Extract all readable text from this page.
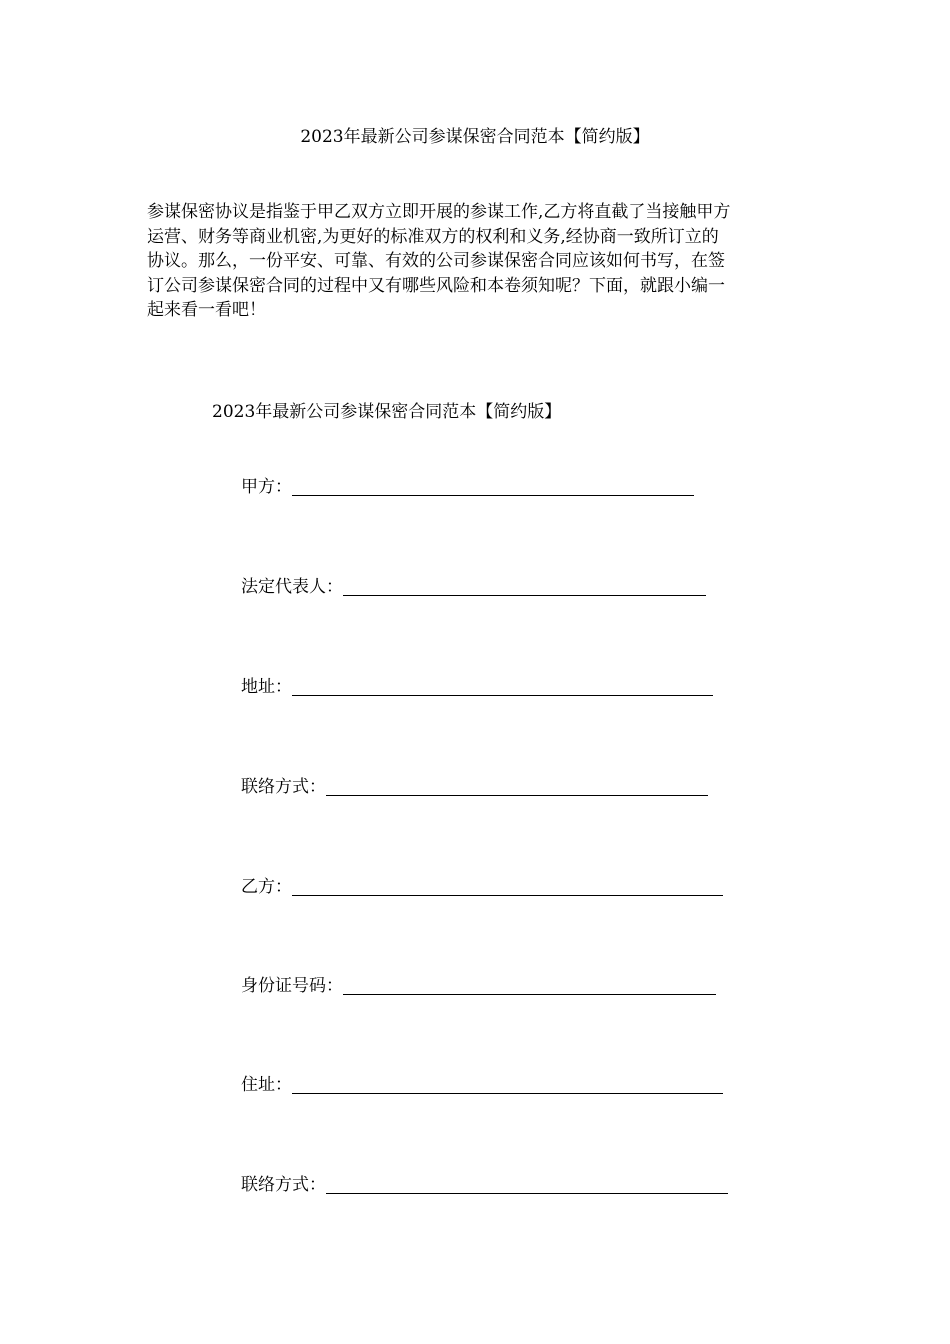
2023年最新公司参谋保密合同范本【简约版】
参谋保密协议是指鉴于甲乙双方立即开展的参谋工作,乙方将直截了当接触甲方
运营、财务等商业机密,为更好的标准双方的权利和义务,经协商一致所订立的
协议。那么，一份平安、可靠、有效的公司参谋保密合同应该如何书写，在签
订公司参谋保密合同的过程中又有哪些风险和本卷须知呢？下面，就跟小编一
起来看一看吧！
2023年最新公司参谋保密合同范本【简约版】
甲方：
法定代表人：
地址：
联络方式：
乙方：
身份证号码：
住址：
联络方式：
